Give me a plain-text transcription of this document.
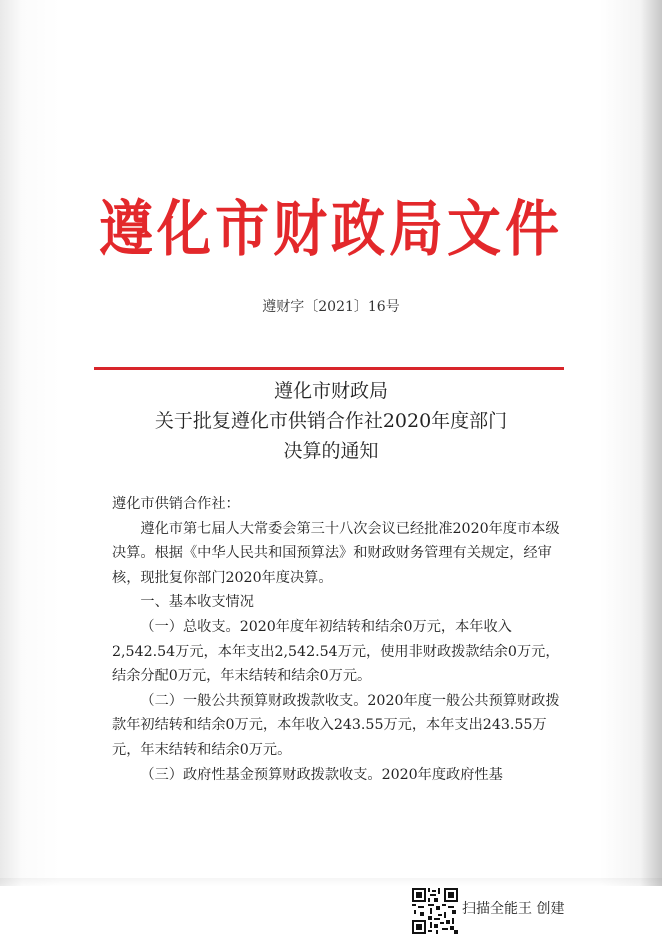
遵化市财政局文件
遵财字〔2021〕16号
遵化市财政局
关于批复遵化市供销合作社2020年度部门
决算的通知

遵化市供销合作社：

遵化市第七届人大常委会第三十八次会议已经批准2020年度市本级决算。根据《中华人民共和国预算法》和财政财务管理有关规定，经审核，现批复你部门2020年度决算。

一、基本收支情况

（一）总收支。2020年度年初结转和结余0万元，本年收入2,542.54万元，本年支出2,542.54万元，使用非财政拨款结余0万元，结余分配0万元，年末结转和结余0万元。

（二）一般公共预算财政拨款收支。2020年度一般公共预算财政拨款年初结转和结余0万元，本年收入243.55万元，本年支出243.55万元，年末结转和结余0万元。

（三）政府性基金预算财政拨款收支。2020年度政府性基

扫描全能王 创建
